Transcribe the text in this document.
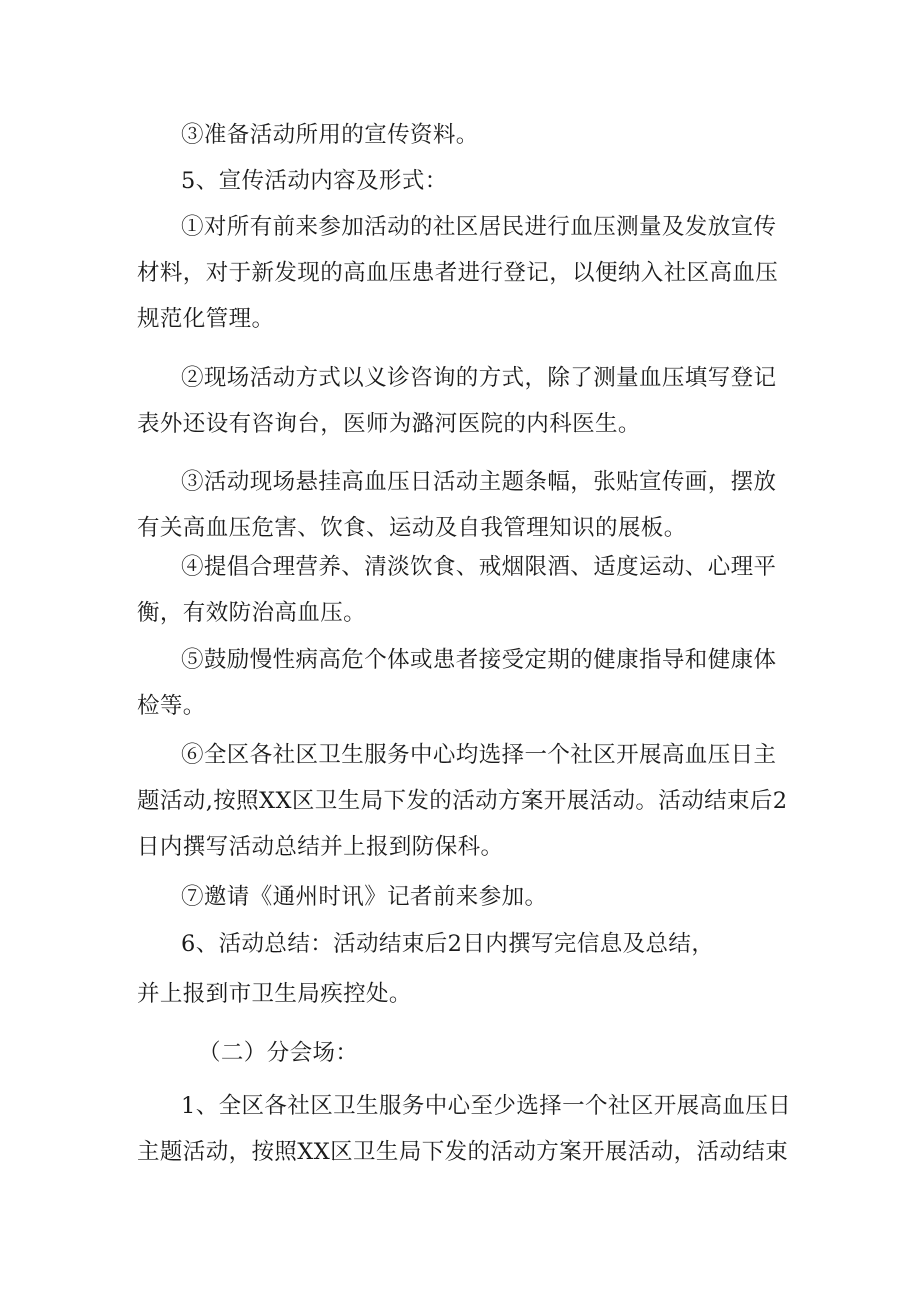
③准备活动所用的宣传资料。

5、宣传活动内容及形式：

①对所有前来参加活动的社区居民进行血压测量及发放宣传材料，对于新发现的高血压患者进行登记，以便纳入社区高血压规范化管理。

②现场活动方式以义诊咨询的方式，除了测量血压填写登记表外还设有咨询台，医师为潞河医院的内科医生。

③活动现场悬挂高血压日活动主题条幅，张贴宣传画，摆放有关高血压危害、饮食、运动及自我管理知识的展板。

④提倡合理营养、清淡饮食、戒烟限酒、适度运动、心理平衡，有效防治高血压。

⑤鼓励慢性病高危个体或患者接受定期的健康指导和健康体检等。

⑥全区各社区卫生服务中心均选择一个社区开展高血压日主题活动,按照XX区卫生局下发的活动方案开展活动。活动结束后2日内撰写活动总结并上报到防保科。

⑦邀请《通州时讯》记者前来参加。

6、活动总结：活动结束后2日内撰写完信息及总结，

并上报到市卫生局疾控处。

（二）分会场：

1、全区各社区卫生服务中心至少选择一个社区开展高血压日主题活动，按照XX区卫生局下发的活动方案开展活动，活动结束
